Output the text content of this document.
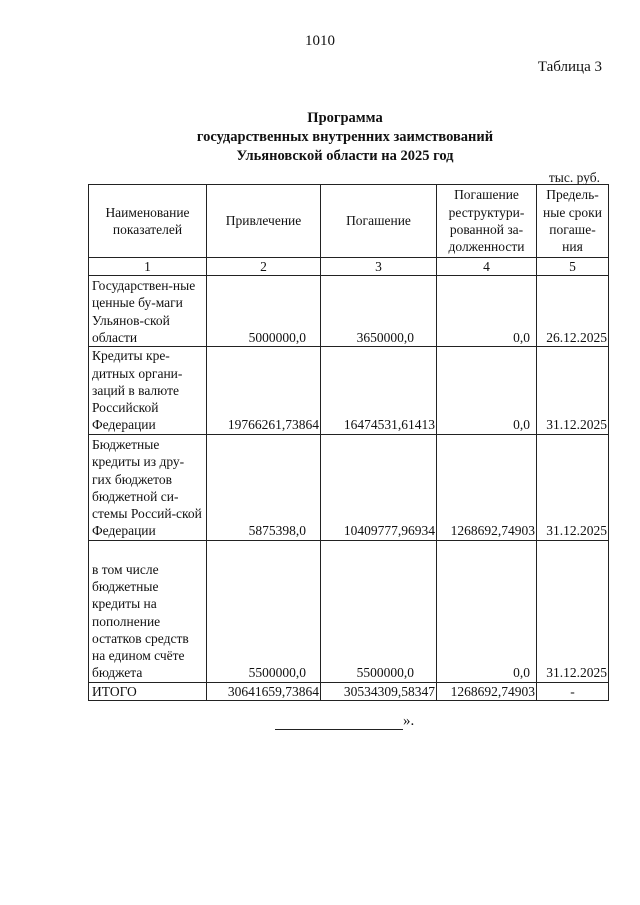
1010
Таблица 3
Программа
государственных внутренних заимствований
Ульяновской области на 2025 год
тыс. руб.
Наименование показателей	Привлечение	Погашение	Погашение реструктури-рованной за-долженности	Предель-ные сроки погаше-ния
1	2	3	4	5
Государствен-ные ценные бу-маги Ульянов-ской области	5000000,0	3650000,0	0,0	26.12.2025
Кредиты кре-дитных органи-заций в валюте Российской Федерации	19766261,73864	16474531,61413	0,0	31.12.2025
Бюджетные кредиты из дру-гих бюджетов бюджетной си-стемы Россий-ской Федерации	5875398,0	10409777,96934	1268692,74903	31.12.2025
в том числе бюджетные кредиты на пополнение остатков средств на едином счёте бюджета	5500000,0	5500000,0	0,0	31.12.2025
ИТОГО	30641659,73864	30534309,58347	1268692,74903	-
».
